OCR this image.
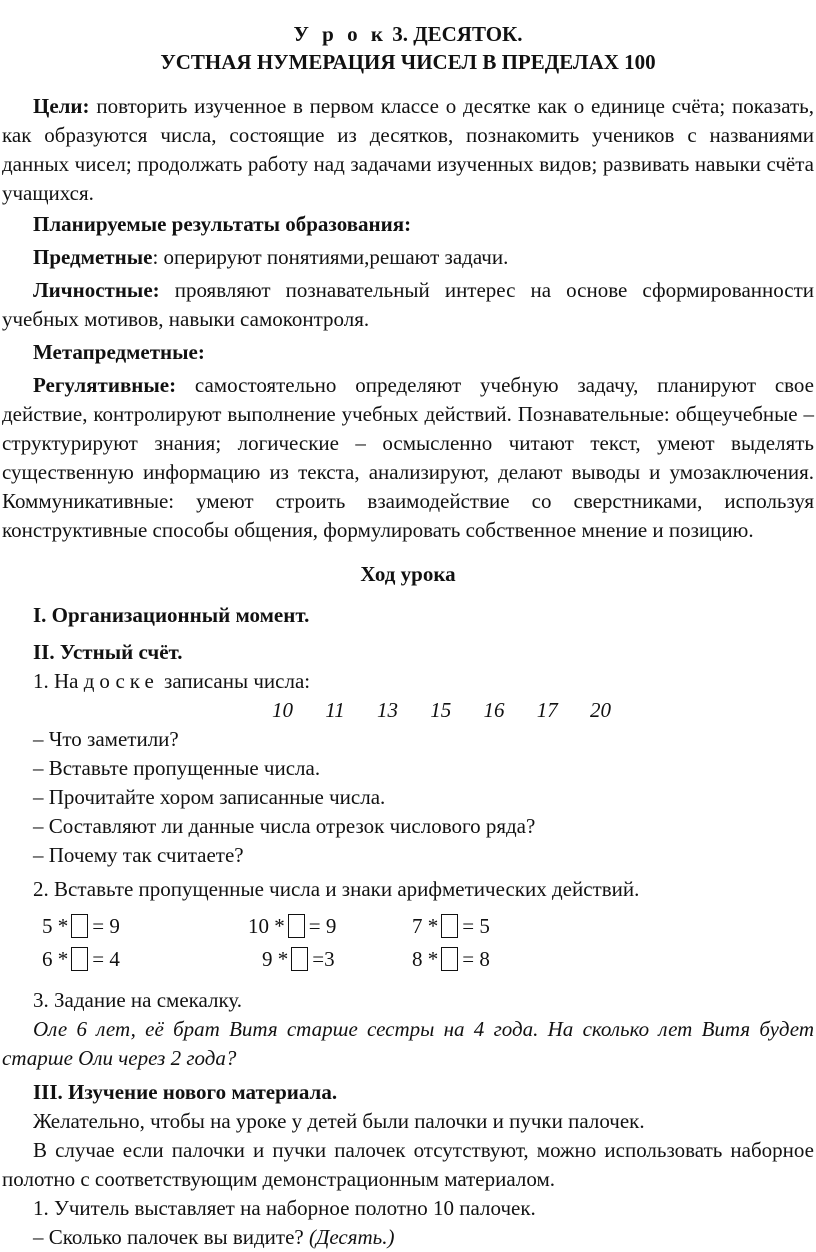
У р о к 3. ДЕСЯТОК.

УСТНАЯ НУМЕРАЦИЯ ЧИСЕЛ В ПРЕДЕЛАХ 100

Цели: повторить изученное в первом классе о десятке как о единице счёта; показать, как образуются числа, состоящие из десятков, познакомить учеников с названиями данных чисел; продолжать работу над задачами изученных видов; развивать навыки счёта учащихся.

Планируемые результаты образования:

Предметные: оперируют понятиями,решают задачи.

Личностные: проявляют познавательный интерес на основе сформированности учебных мотивов, навыки самоконтроля.

Метапредметные:

Регулятивные: самостоятельно определяют учебную задачу, планируют свое действие, контролируют выполнение учебных действий. Познавательные: общеучебные – структурируют знания; логические – осмысленно читают текст, умеют выделять существенную информацию из текста, анализируют, делают выводы и умозаключения. Коммуникативные: умеют строить взаимодействие со сверстниками, используя конструктивные способы общения, формулировать собственное мнение и позицию.

Ход урока

I. Организационный момент.

II. Устный счёт.

1. На доске записаны числа:

10 11 13 15 16 17 20

– Что заметили?

– Вставьте пропущенные числа.

– Прочитайте хором записанные числа.

– Составляют ли данные числа отрезок числового ряда?

– Почему так считаете?

2. Вставьте пропущенные числа и знаки арифметических действий.

5 * = 9	10 * = 9	7 * = 5
6 * = 4	9 * =3	8 * = 8

3. Задание на смекалку.

Оле 6 лет, её брат Витя старше сестры на 4 года. На сколько лет Витя будет старше Оли через 2 года?

III. Изучение нового материала.

Желательно, чтобы на уроке у детей были палочки и пучки палочек.

В случае если палочки и пучки палочек отсутствуют, можно использовать наборное полотно с соответствующим демонстрационным материалом.

1. Учитель выставляет на наборное полотно 10 палочек.

– Сколько палочек вы видите? (Десять.)
